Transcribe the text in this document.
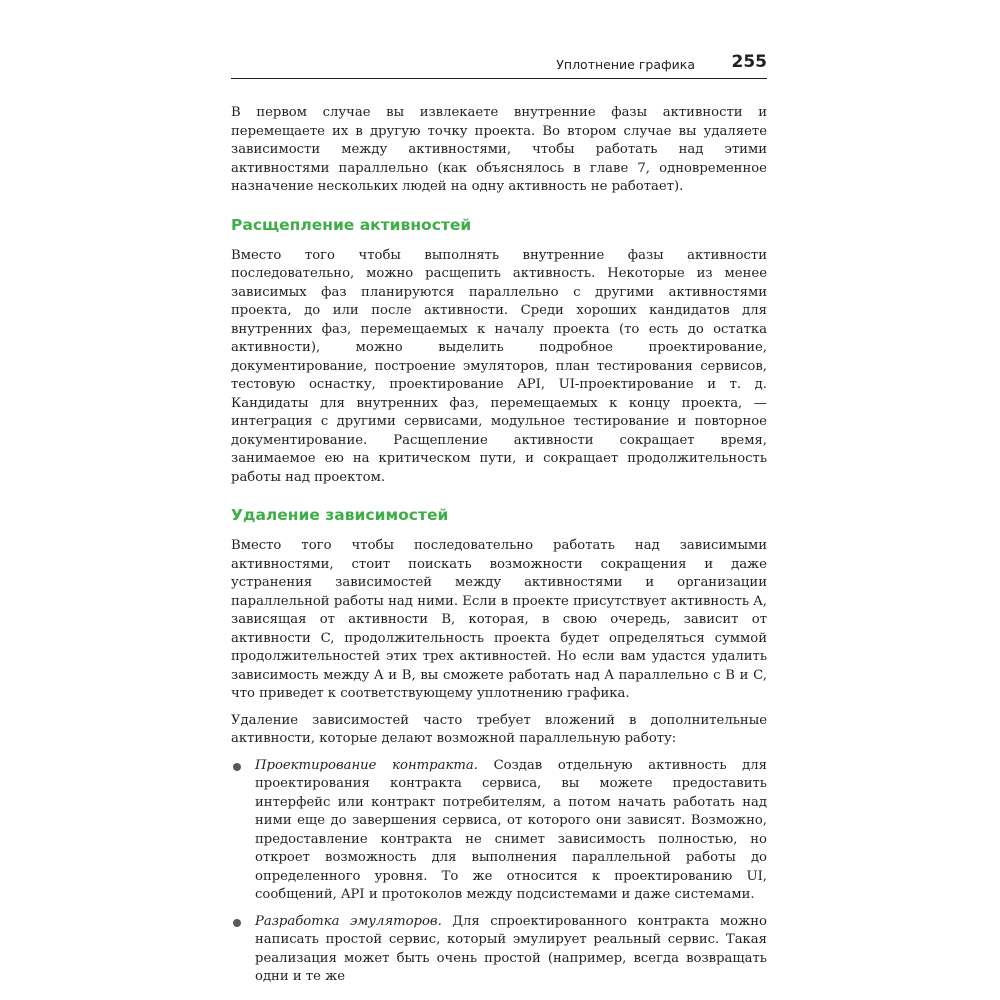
Уплотнение графика 255

В первом случае вы извлекаете внутренние фазы активности и перемещаете их в другую точку проекта. Во втором случае вы удаляете зависимости между активностями, чтобы работать над этими активностями параллельно (как объяснялось в главе 7, одновременное назначение нескольких людей на одну активность не работает).

Расщепление активностей

Вместо того чтобы выполнять внутренние фазы активности последовательно, можно расщепить активность. Некоторые из менее зависимых фаз планируются параллельно с другими активностями проекта, до или после активности. Среди хороших кандидатов для внутренних фаз, перемещаемых к началу проекта (то есть до остатка активности), можно выделить подробное проектирование, документирование, построение эмуляторов, план тестирования сервисов, тестовую оснастку, проектирование API, UI-проектирование и т. д. Кандидаты для внутренних фаз, перемещаемых к концу проекта, — интеграция с другими сервисами, модульное тестирование и повторное документирование. Расщепление активности сокращает время, занимаемое ею на критическом пути, и сокращает продолжительность работы над проектом.

Удаление зависимостей

Вместо того чтобы последовательно работать над зависимыми активностями, стоит поискать возможности сокращения и даже устранения зависимостей между активностями и организации параллельной работы над ними. Если в проекте присутствует активность A, зависящая от активности B, которая, в свою очередь, зависит от активности C, продолжительность проекта будет определяться суммой продолжительностей этих трех активностей. Но если вам удастся удалить зависимость между A и B, вы сможете работать над A параллельно с B и C, что приведет к соответствующему уплотнению графика.

Удаление зависимостей часто требует вложений в дополнительные активности, которые делают возможной параллельную работу:

Проектирование контракта. Создав отдельную активность для проектирования контракта сервиса, вы можете предоставить интерфейс или контракт потребителям, а потом начать работать над ними еще до завершения сервиса, от которого они зависят. Возможно, предоставление контракта не снимет зависимость полностью, но откроет возможность для выполнения параллельной работы до определенного уровня. То же относится к проектированию UI, сообщений, API и протоколов между подсистемами и даже системами.

Разработка эмуляторов. Для спроектированного контракта можно написать простой сервис, который эмулирует реальный сервис. Такая реализация может быть очень простой (например, всегда возвращать одни и те же
